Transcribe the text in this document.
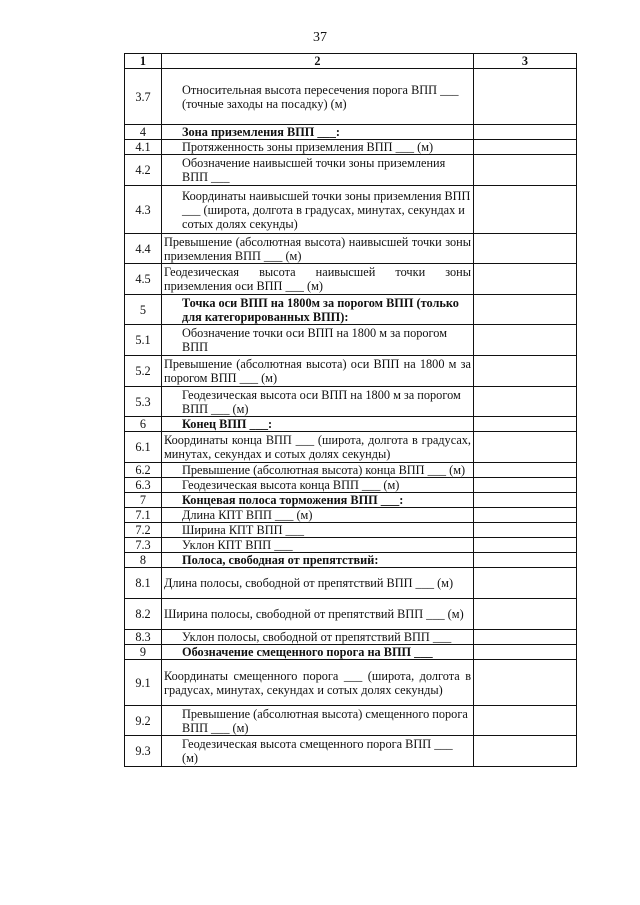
37
1	2	3
3.7	Относительная высота пересечения порога ВПП ___ (точные заходы на посадку) (м)	
4	Зона приземления ВПП ___:	
4.1	Протяженность зоны приземления ВПП ___ (м)	
4.2	Обозначение наивысшей точки зоны приземления ВПП ___	
4.3	Координаты наивысшей точки зоны приземления ВПП ___ (широта, долгота в градусах, минутах, секундах и сотых долях секунды)	
4.4	Превышение (абсолютная высота) наивысшей точки зоны приземления ВПП ___ (м)	
4.5	Геодезическая высота наивысшей точки зоны приземления оси ВПП ___ (м)	
5	Точка оси ВПП на 1800м за порогом ВПП (только для категорированных ВПП):	
5.1	Обозначение точки оси ВПП на 1800 м за порогом ВПП	
5.2	Превышение (абсолютная высота) оси ВПП на 1800 м за порогом ВПП ___ (м)	
5.3	Геодезическая высота оси ВПП на 1800 м за порогом ВПП ___ (м)	
6	Конец ВПП ___:	
6.1	Координаты конца ВПП ___ (широта, долгота в градусах, минутах, секундах и сотых долях секунды)	
6.2	Превышение (абсолютная высота) конца ВПП ___ (м)	
6.3	Геодезическая высота конца ВПП ___ (м)	
7	Концевая полоса торможения ВПП ___:	
7.1	Длина КПТ ВПП ___ (м)	
7.2	Ширина КПТ ВПП ___	
7.3	Уклон КПТ ВПП ___	
8	Полоса, свободная от препятствий:	
8.1	Длина полосы, свободной от препятствий ВПП ___ (м)	
8.2	Ширина полосы, свободной от препятствий ВПП ___ (м)	
8.3	Уклон полосы, свободной от препятствий ВПП ___	
9	Обозначение смещенного порога на ВПП ___	
9.1	Координаты смещенного порога ___ (широта, долгота в градусах, минутах, секундах и сотых долях секунды)	
9.2	Превышение (абсолютная высота) смещенного порога ВПП ___ (м)	
9.3	Геодезическая высота смещенного порога ВПП ___ (м)	
